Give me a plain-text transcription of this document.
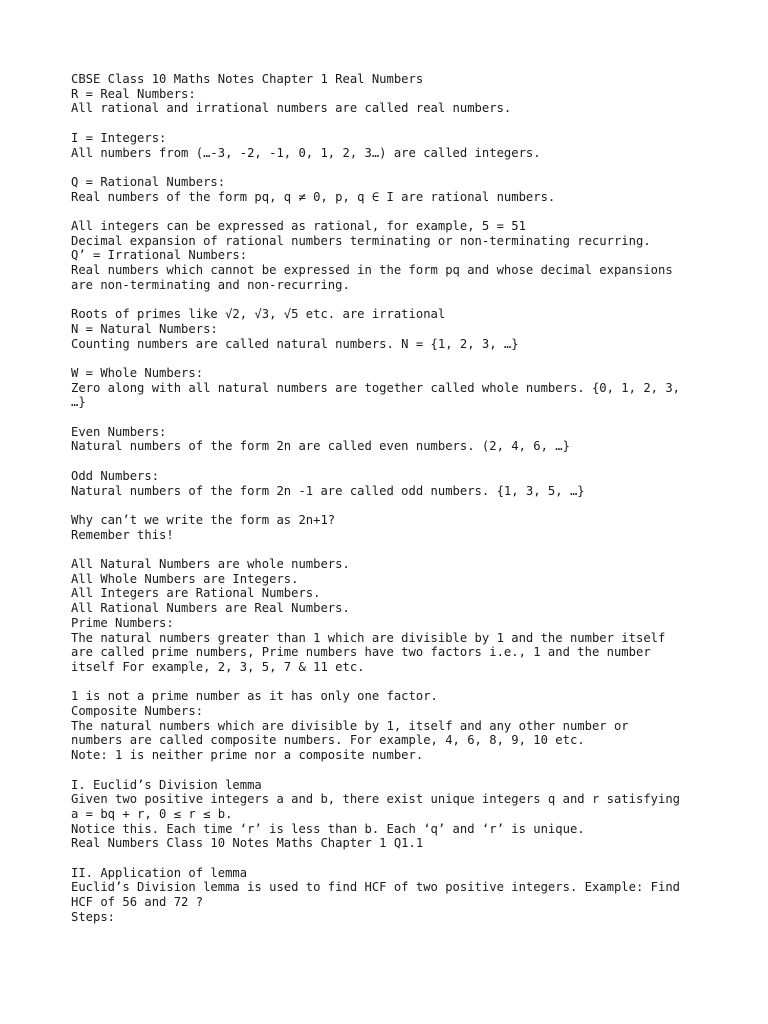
CBSE Class 10 Maths Notes Chapter 1 Real Numbers
R = Real Numbers:
All rational and irrational numbers are called real numbers.
I = Integers:
All numbers from (…-3, -2, -1, 0, 1, 2, 3…) are called integers.
Q = Rational Numbers:
Real numbers of the form pq, q ≠ 0, p, q ∈ I are rational numbers.
All integers can be expressed as rational, for example, 5 = 51
Decimal expansion of rational numbers terminating or non-terminating recurring.
Q’ = Irrational Numbers:
Real numbers which cannot be expressed in the form pq and whose decimal expansions
are non-terminating and non-recurring.
Roots of primes like √2, √3, √5 etc. are irrational
N = Natural Numbers:
Counting numbers are called natural numbers. N = {1, 2, 3, …}
W = Whole Numbers:
Zero along with all natural numbers are together called whole numbers. {0, 1, 2, 3,
…}
Even Numbers:
Natural numbers of the form 2n are called even numbers. (2, 4, 6, …}
Odd Numbers:
Natural numbers of the form 2n -1 are called odd numbers. {1, 3, 5, …}
Why can’t we write the form as 2n+1?
Remember this!
All Natural Numbers are whole numbers.
All Whole Numbers are Integers.
All Integers are Rational Numbers.
All Rational Numbers are Real Numbers.
Prime Numbers:
The natural numbers greater than 1 which are divisible by 1 and the number itself
are called prime numbers, Prime numbers have two factors i.e., 1 and the number
itself For example, 2, 3, 5, 7 & 11 etc.
1 is not a prime number as it has only one factor.
Composite Numbers:
The natural numbers which are divisible by 1, itself and any other number or
numbers are called composite numbers. For example, 4, 6, 8, 9, 10 etc.
Note: 1 is neither prime nor a composite number.
I. Euclid’s Division lemma
Given two positive integers a and b, there exist unique integers q and r satisfying
a = bq + r, 0 ≤ r ≤ b.
Notice this. Each time ‘r’ is less than b. Each ‘q’ and ‘r’ is unique.
Real Numbers Class 10 Notes Maths Chapter 1 Q1.1
II. Application of lemma
Euclid’s Division lemma is used to find HCF of two positive integers. Example: Find
HCF of 56 and 72 ?
Steps:
